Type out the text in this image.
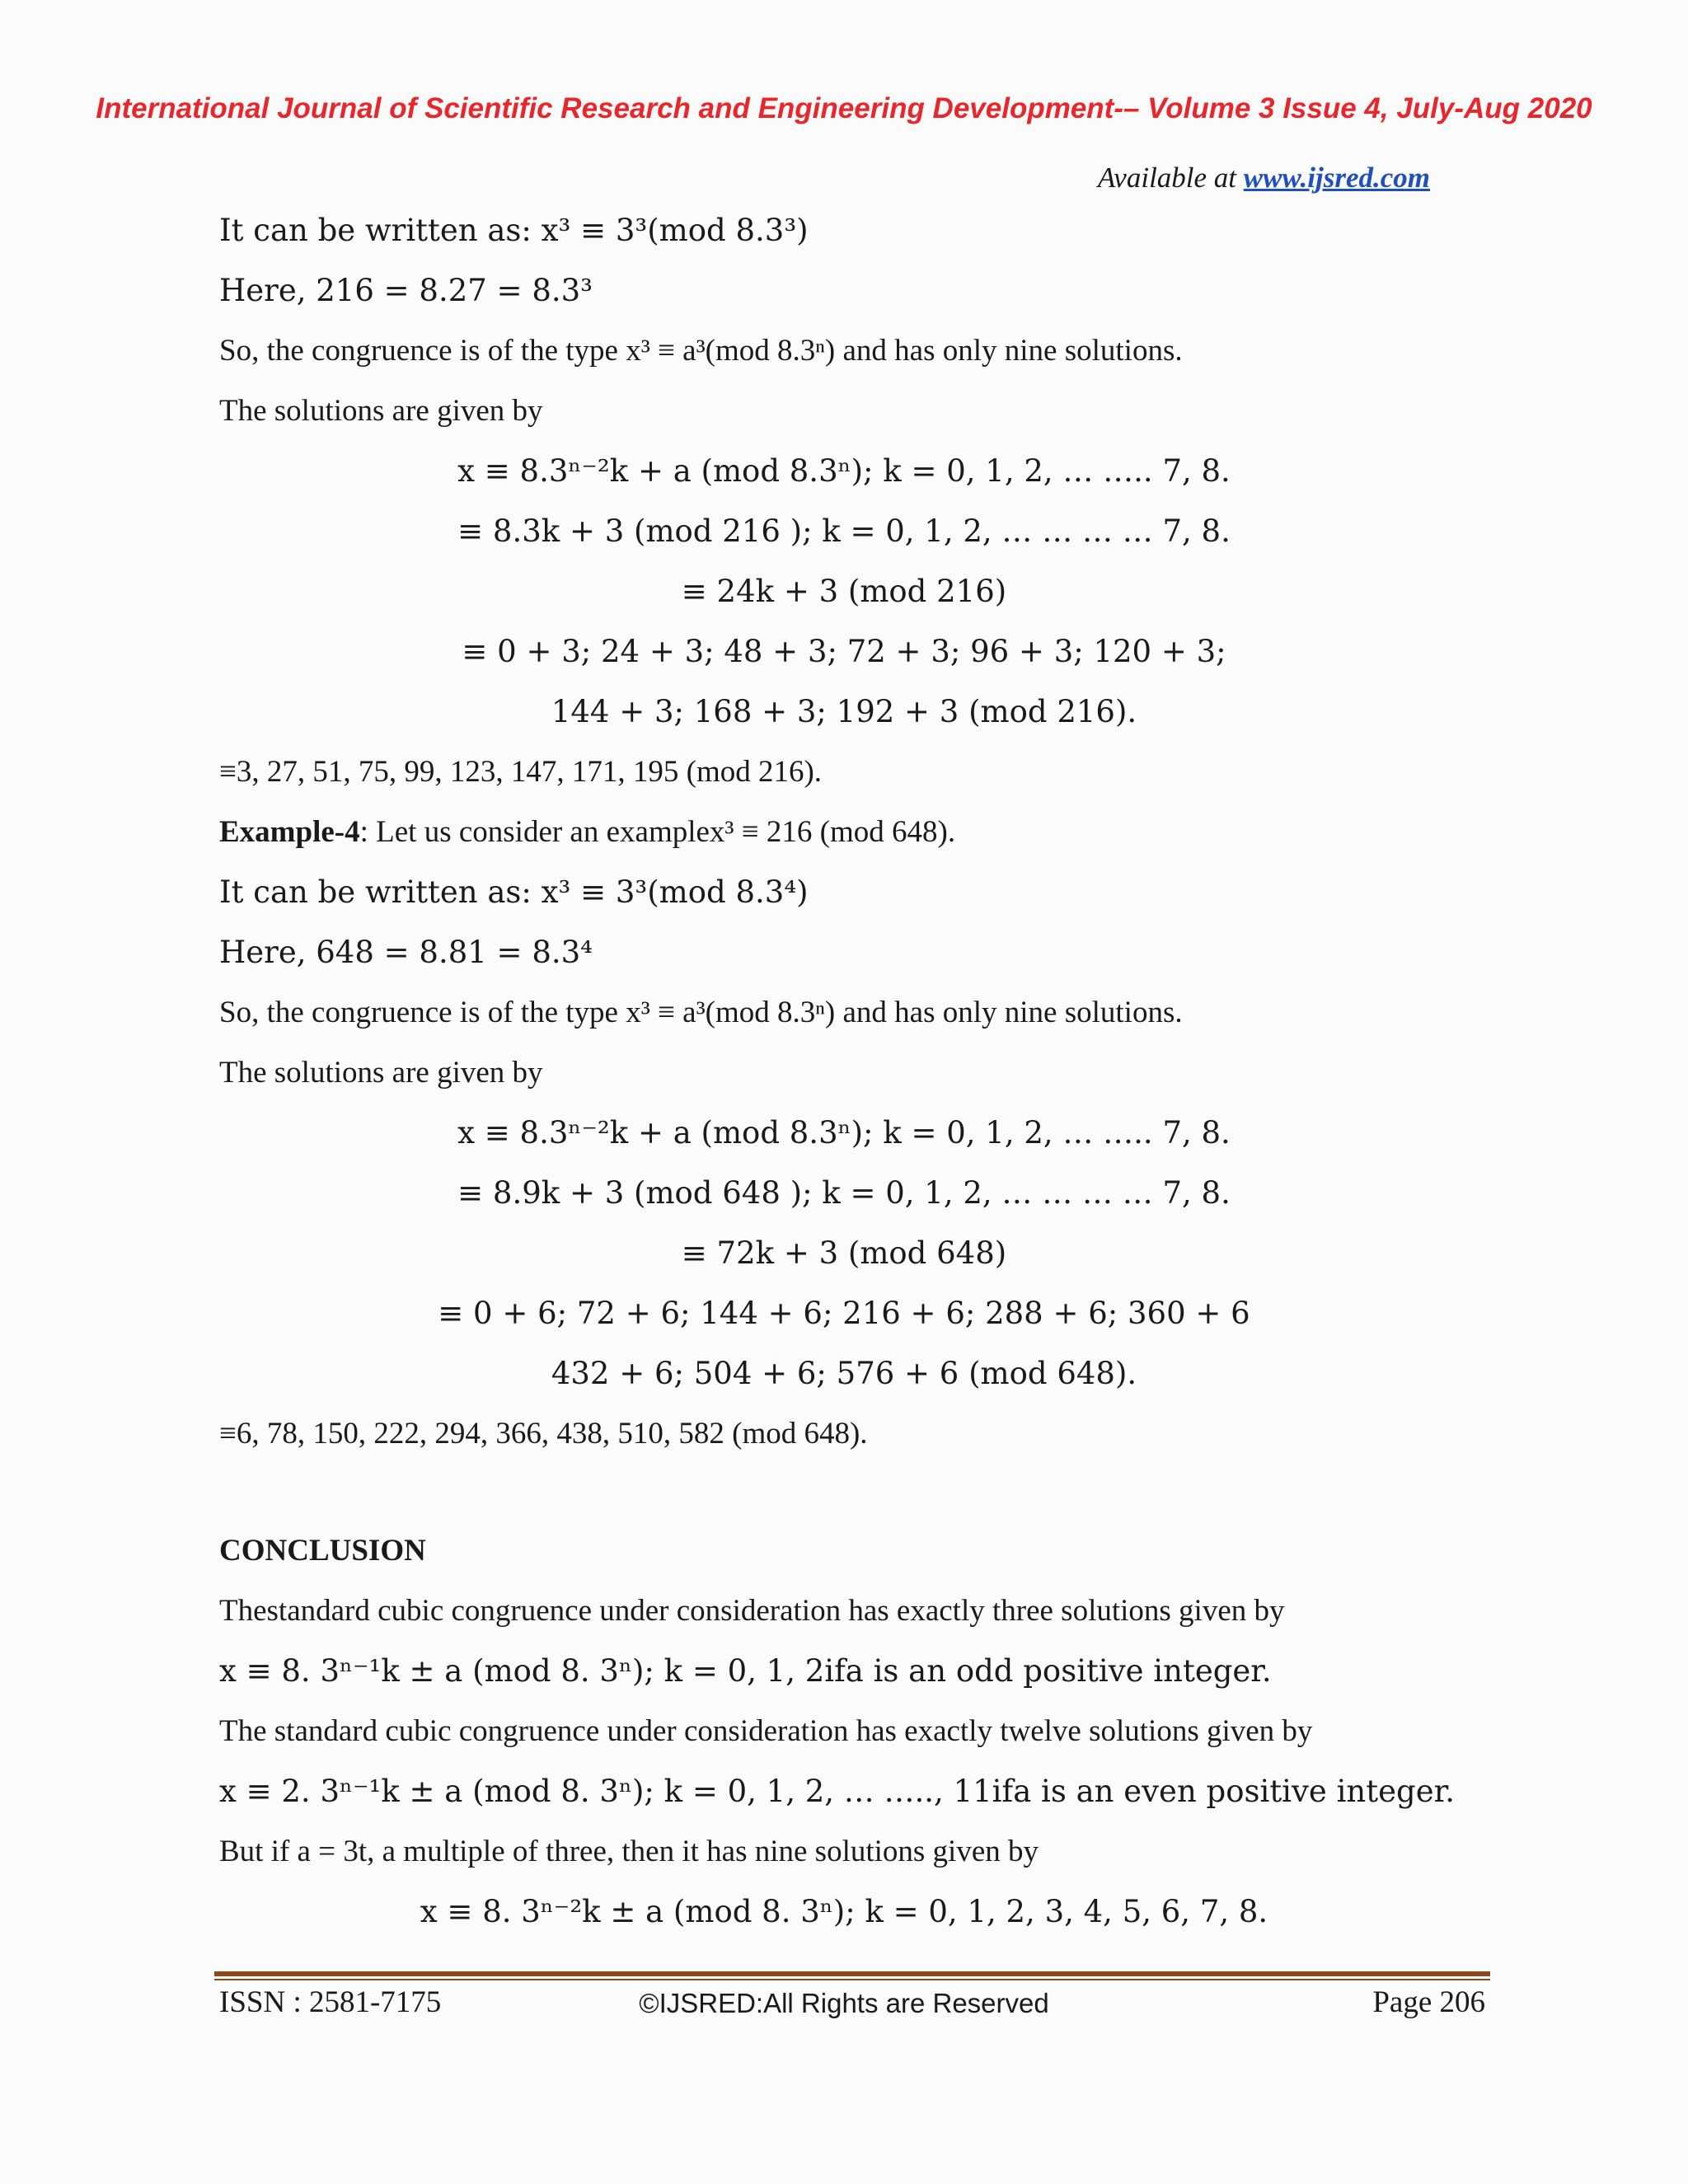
International Journal of Scientific Research and Engineering Development-– Volume 3 Issue 4, July-Aug 2020
Available at www.ijsred.com
It can be written as: x³ ≡ 3³(mod 8.3³)
Here, 216 = 8.27 = 8.3³
So, the congruence is of the type x³ ≡ a³(mod 8.3ⁿ) and has only nine solutions.
The solutions are given by
x ≡ 8.3ⁿ⁻²k + a (mod 8.3ⁿ); k = 0, 1, 2, … ….. 7, 8.
≡ 8.3k + 3 (mod 216 ); k = 0, 1, 2, … … … … 7, 8.
≡ 24k + 3 (mod 216)
≡ 0 + 3; 24 + 3; 48 + 3; 72 + 3; 96 + 3; 120 + 3;
144 + 3; 168 + 3; 192 + 3 (mod 216).
≡3, 27, 51, 75, 99, 123, 147, 171, 195 (mod 216).
Example-4: Let us consider an examplex³ ≡ 216 (mod 648).
It can be written as: x³ ≡ 3³(mod 8.3⁴)
Here, 648 = 8.81 = 8.3⁴
So, the congruence is of the type x³ ≡ a³(mod 8.3ⁿ) and has only nine solutions.
The solutions are given by
x ≡ 8.3ⁿ⁻²k + a (mod 8.3ⁿ); k = 0, 1, 2, … ….. 7, 8.
≡ 8.9k + 3 (mod 648 ); k = 0, 1, 2, … … … … 7, 8.
≡ 72k + 3 (mod 648)
≡ 0 + 6; 72 + 6; 144 + 6; 216 + 6; 288 + 6; 360 + 6
432 + 6; 504 + 6; 576 + 6 (mod 648).
≡6, 78, 150, 222, 294, 366, 438, 510, 582 (mod 648).
CONCLUSION
Thestandard cubic congruence under consideration has exactly three solutions given by
x ≡ 8. 3ⁿ⁻¹k ± a (mod 8. 3ⁿ); k = 0, 1, 2ifa is an odd positive integer.
The standard cubic congruence under consideration has exactly twelve solutions given by
x ≡ 2. 3ⁿ⁻¹k ± a (mod 8. 3ⁿ); k = 0, 1, 2, … ….., 11ifa is an even positive integer.
But if a = 3t, a multiple of three, then it has nine solutions given by
x ≡ 8. 3ⁿ⁻²k ± a (mod 8. 3ⁿ); k = 0, 1, 2, 3, 4, 5, 6, 7, 8.
ISSN : 2581-7175	©IJSRED:All Rights are Reserved	Page 206
